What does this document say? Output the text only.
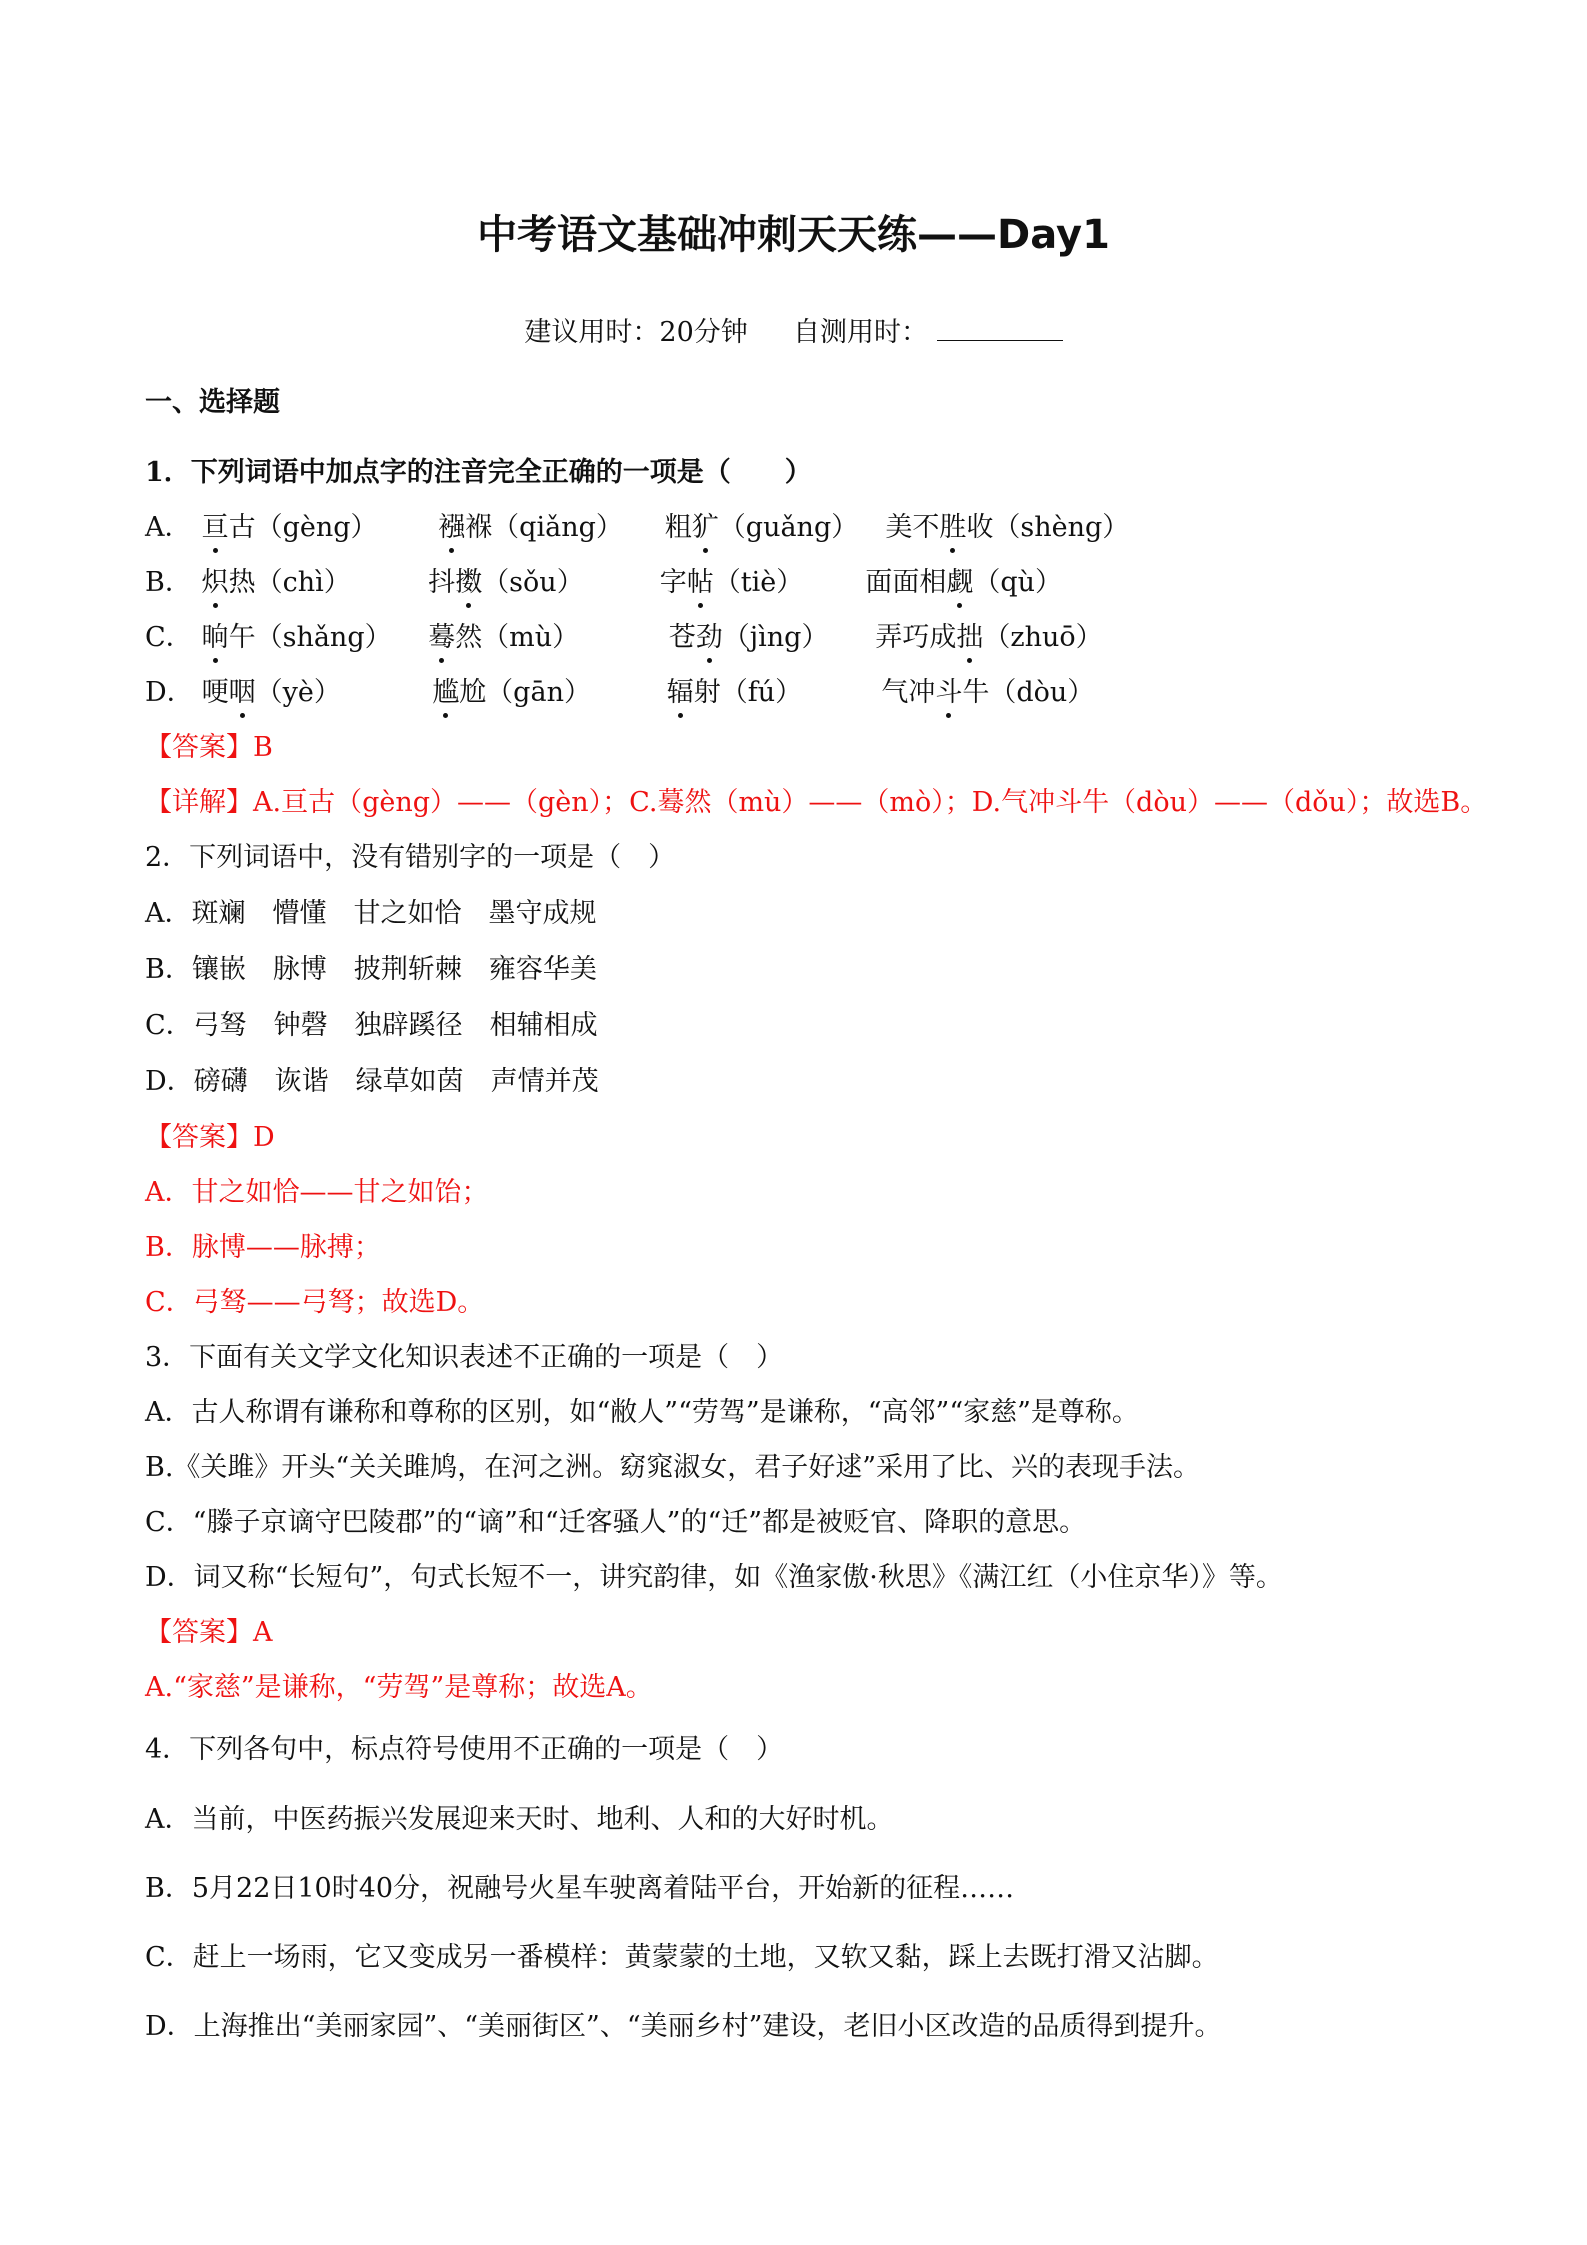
中考语文基础冲刺天天练——Day1
建议用时：20分钟 自测用时：
一、选择题
1．下列词语中加点字的注音完全正确的一项是（　　）
A． 亘古（gèng） 襁褓（qiǎng） 粗犷（guǎng） 美不胜收（shèng）
B． 炽热（chì）	抖擞（sǒu）	字帖（tiè） 面面相觑（qù）
C． 晌午（shǎng） 蓦然（mù）	苍劲（jìng） 弄巧成拙（zhuō）
D． 哽咽（yè）	尴尬（gān）	辐射（fú）	气冲斗牛（dòu）
【答案】B
【详解】A.亘古（gèng）——（gèn）；C.蓦然（mù）——（mò）；D.气冲斗牛（dòu）——（dǒu）；故选B。
2．下列词语中，没有错别字的一项是（　）
A．斑斓　懵懂　甘之如恰　墨守成规
B．镶嵌　脉博　披荆斩棘　雍容华美
C．弓驽　钟磬　独辟蹊径　相辅相成
D．磅礴　诙谐　绿草如茵　声情并茂
【答案】D
A．甘之如恰——甘之如饴；
B．脉博——脉搏；
C．弓驽——弓弩；故选D。
3．下面有关文学文化知识表述不正确的一项是（　）
A．古人称谓有谦称和尊称的区别，如“敝人”“劳驾”是谦称，“高邻”“家慈”是尊称。
B.《关雎》开头“关关雎鸠，在河之洲。窈窕淑女，君子好逑”采用了比、兴的表现手法。
C．“滕子京谪守巴陵郡”的“谪”和“迁客骚人”的“迁”都是被贬官、降职的意思。
D．词又称“长短句”，句式长短不一，讲究韵律，如《渔家傲·秋思》《满江红（小住京华）》等。
【答案】A
A.“家慈”是谦称，“劳驾”是尊称；故选A。
4．下列各句中，标点符号使用不正确的一项是（　）
A．当前，中医药振兴发展迎来天时、地利、人和的大好时机。
B．5月22日10时40分，祝融号火星车驶离着陆平台，开始新的征程……
C．赶上一场雨，它又变成另一番模样：黄蒙蒙的土地，又软又黏，踩上去既打滑又沾脚。
D．上海推出“美丽家园”、“美丽街区”、“美丽乡村”建设，老旧小区改造的品质得到提升。
